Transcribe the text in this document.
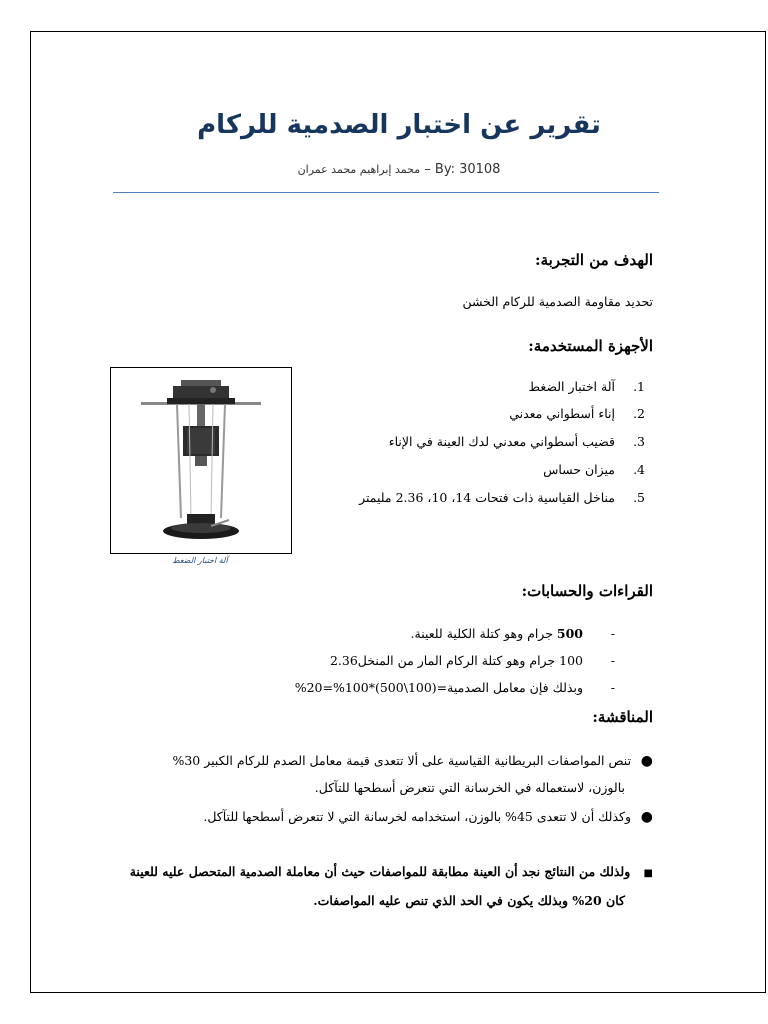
تقرير عن اختبار الصدمية للركام
محمد إبراهيم محمد عمران – By: 30108
الهدف من التجربة:
تحديد مقاومة الصدمية للركام الخشن
الأجهزة المستخدمة:
1.آلة اختبار الضغط
2.إناء أسطواني معدني
3.قضيب أسطواني معدني لدك العينة في الإناء
4.ميزان حساس
5.مناخل القياسية ذات فتحات 14، 10، 2.36 مليمتر
آلة اختبار الضغط
القراءات والحسابات:
-500 جرام وهو كتلة الكلية للعينة.
-100 جرام وهو كتلة الركام المار من المنخل2.36
-وبذلك فإن معامل الصدمية=(100\500)*100%=20%
المناقشة:
●  تنص المواصفات البريطانية القياسية على ألا تتعدى قيمة معامل الصدم للركام الكبير 30%
بالوزن، لاستعماله في الخرسانة التي تتعرض أسطحها للتآكل.
●  وكذلك أن لا تتعدى 45% بالوزن، استخدامه لخرسانة التي لا تتعرض أسطحها للتآكل.
■  ولذلك من النتائج نجد أن العينة مطابقة للمواصفات حيث أن معاملة الصدمية المتحصل عليه للعينة
كان 20% وبذلك يكون في الحد الذي تنص عليه المواصفات.
